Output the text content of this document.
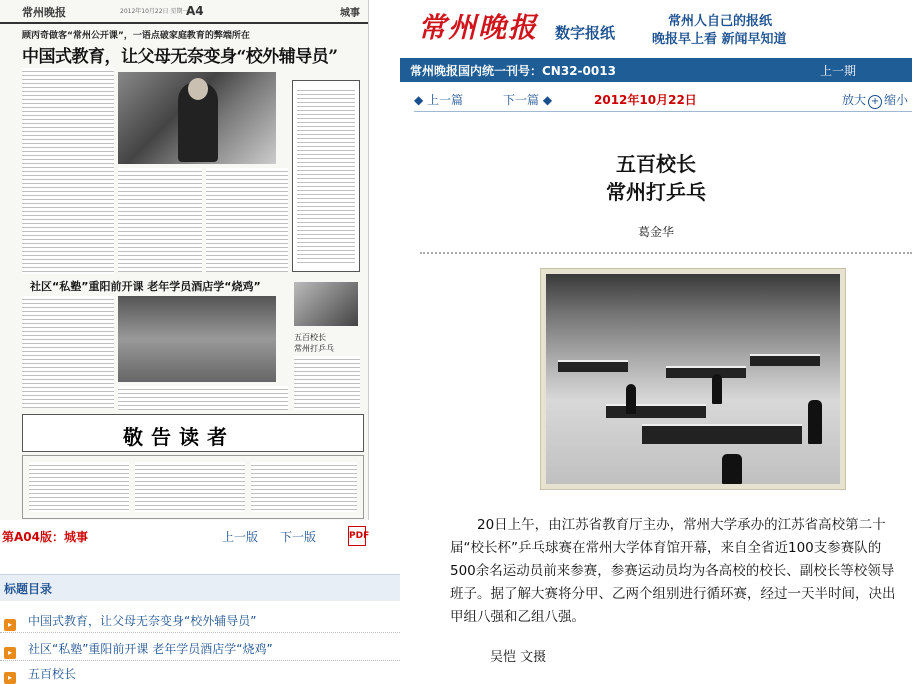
常州晚报	2012年10月22日 星期一
A4	城事
顾丙奇做客“常州公开课”，一语点破家庭教育的弊端所在
中国式教育，让父母无奈变身“校外辅导员”
社区“私塾”重阳前开课 老年学员酒店学“烧鸡”
五百校长
常州打乒乓
敬告读者
第A04版：城事	上一版 下一版	PDF
标题目录
▸ 中国式教育，让父母无奈变身“校外辅导员”
▸ 社区“私塾”重阳前开课 老年学员酒店学“烧鸡”
▸ 五百校长
常州晚报 数字报纸
常州人自己的报纸
晚报早上看 新闻早知道
常州晚报国内统一刊号：CN32-0013	上一期
◆ 上一篇	下一篇 ◆	2012年10月22日	放大 + 缩小
五百校长
常州打乒乓
葛金华
20日上午，由江苏省教育厅主办，常州大学承办的江苏省高校第二十届“校长杯”乒乓球赛在常州大学体育馆开幕，来自全省近100支参赛队的500余名运动员前来参赛，参赛运动员均为各高校的校长、副校长等校领导班子。据了解大赛将分甲、乙两个组别进行循环赛，经过一天半时间，决出甲组八强和乙组八强。
吴恺 文摄
